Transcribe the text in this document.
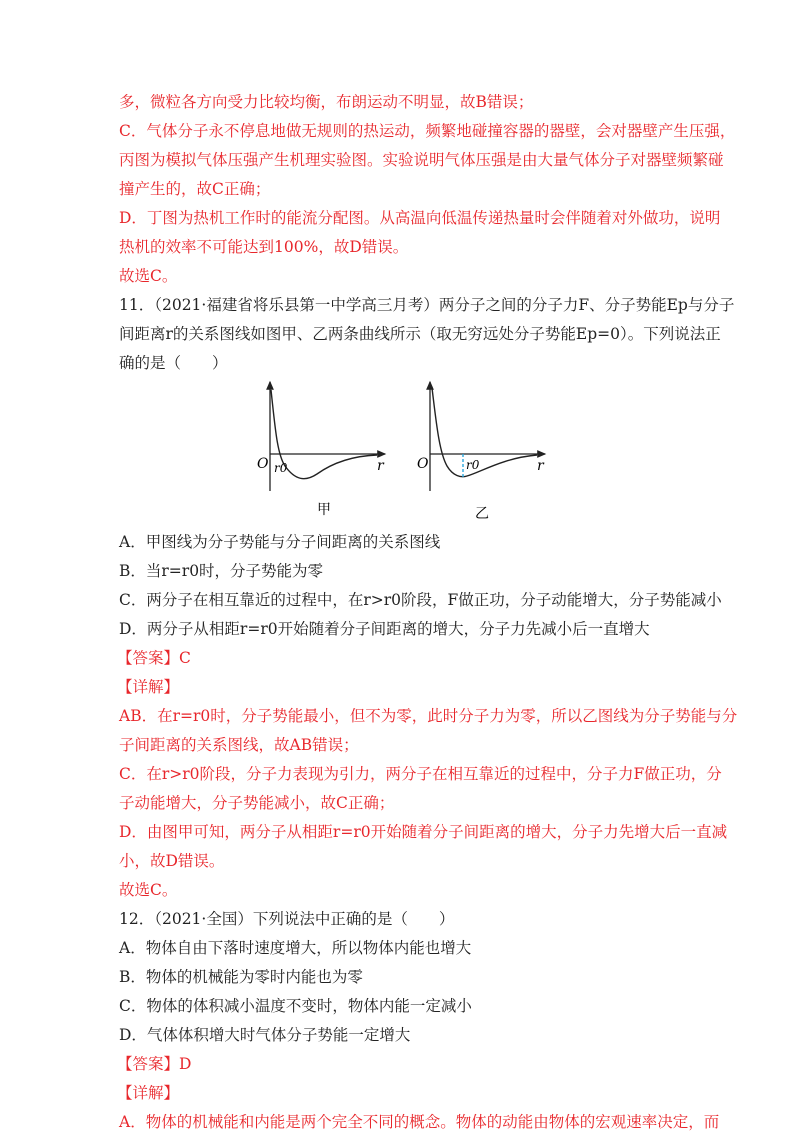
多，微粒各方向受力比较均衡，布朗运动不明显，故B错误；

C．气体分子永不停息地做无规则的热运动，频繁地碰撞容器的器壁，会对器壁产生压强，

丙图为模拟气体压强产生机理实验图。实验说明气体压强是由大量气体分子对器壁频繁碰

撞产生的，故C正确；

D．丁图为热机工作时的能流分配图。从高温向低温传递热量时会伴随着对外做功，说明

热机的效率不可能达到100%，故D错误。

故选C。

11．（2021·福建省将乐县第一中学高三月考）两分子之间的分子力F、分子势能Ep与分子

间距离r的关系图线如图甲、乙两条曲线所示（取无穷远处分子势能Ep=0）。下列说法正

确的是（　　）

O r0	r
甲
O	r0	r
乙

A．甲图线为分子势能与分子间距离的关系图线

B．当r=r0时，分子势能为零

C．两分子在相互靠近的过程中，在r>r0阶段，F做正功，分子动能增大，分子势能减小

D．两分子从相距r=r0开始随着分子间距离的增大，分子力先减小后一直增大

【答案】C

【详解】

AB．在r=r0时，分子势能最小，但不为零，此时分子力为零，所以乙图线为分子势能与分

子间距离的关系图线，故AB错误；

C．在r>r0阶段，分子力表现为引力，两分子在相互靠近的过程中，分子力F做正功，分

子动能增大，分子势能减小，故C正确；

D．由图甲可知，两分子从相距r=r0开始随着分子间距离的增大，分子力先增大后一直减

小，故D错误。

故选C。

12．（2021·全国）下列说法中正确的是（　　）

A．物体自由下落时速度增大，所以物体内能也增大

B．物体的机械能为零时内能也为零

C．物体的体积减小温度不变时，物体内能一定减小

D．气体体积增大时气体分子势能一定增大

【答案】D

【详解】

A．物体的机械能和内能是两个完全不同的概念。物体的动能由物体的宏观速率决定，而
